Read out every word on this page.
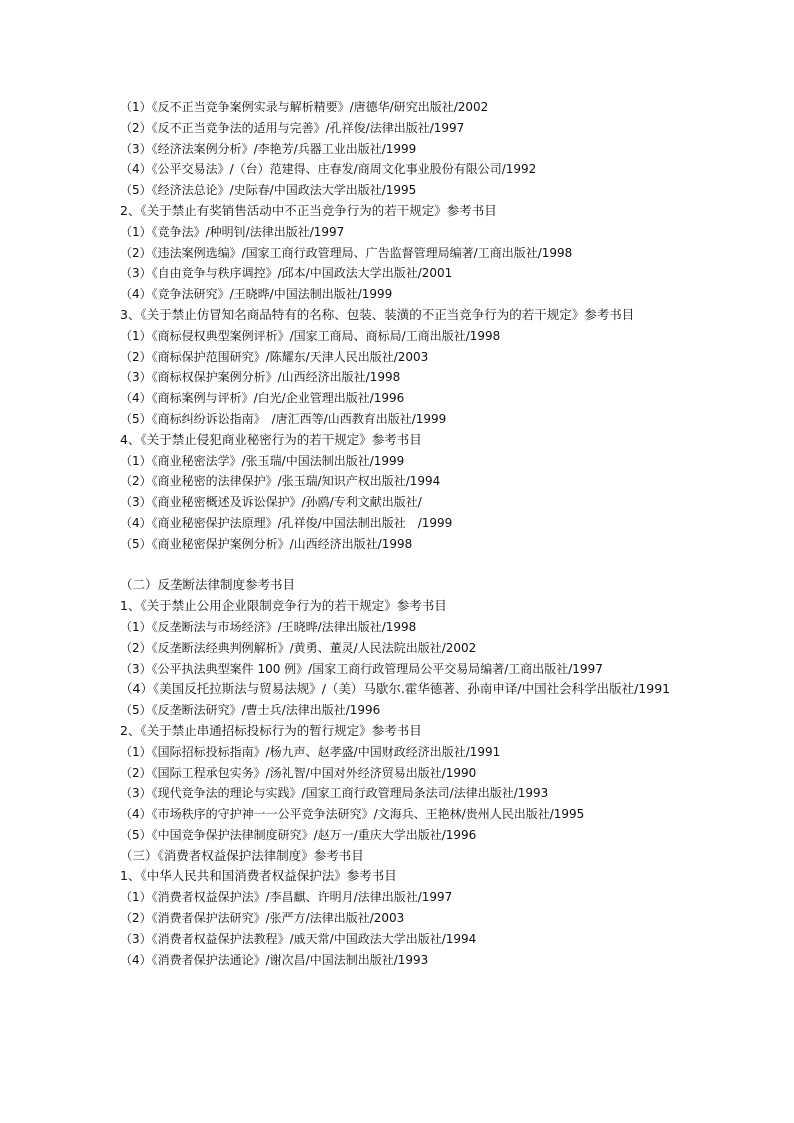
（1）《反不正当竞争案例实录与解析精要》/唐德华/研究出版社/2002
（2）《反不正当竞争法的适用与完善》/孔祥俊/法律出版社/1997
（3）《经济法案例分析》/李艳芳/兵器工业出版社/1999
（4）《公平交易法》/（台）范建得、庄春发/商周文化事业股份有限公司/1992
（5）《经济法总论》/史际春/中国政法大学出版社/1995
2、《关于禁止有奖销售活动中不正当竞争行为的若干规定》参考书目
（1）《竞争法》/种明钊/法律出版社/1997
（2）《违法案例选编》/国家工商行政管理局、广告监督管理局编著/工商出版社/1998
（3）《自由竞争与秩序调控》/邱本/中国政法大学出版社/2001
（4）《竞争法研究》/王晓晔/中国法制出版社/1999
3、《关于禁止仿冒知名商品特有的名称、包装、装潢的不正当竞争行为的若干规定》参考书目
（1）《商标侵权典型案例评析》/国家工商局、商标局/工商出版社/1998
（2）《商标保护范围研究》/陈耀东/天津人民出版社/2003
（3）《商标权保护案例分析》/山西经济出版社/1998
（4）《商标案例与评析》/白光/企业管理出版社/1996
（5）《商标纠纷诉讼指南》　/唐汇西等/山西教育出版社/1999
4、《关于禁止侵犯商业秘密行为的若干规定》参考书目
（1）《商业秘密法学》/张玉瑞/中国法制出版社/1999
（2）《商业秘密的法律保护》/张玉瑞/知识产权出版社/1994
（3）《商业秘密概述及诉讼保护》/孙鸥/专利文献出版社/
（4）《商业秘密保护法原理》/孔祥俊/中国法制出版社　/1999
（5）《商业秘密保护案例分析》/山西经济出版社/1998
（二）反垄断法律制度参考书目
1、《关于禁止公用企业限制竞争行为的若干规定》参考书目
（1）《反垄断法与市场经济》/王晓晔/法律出版社/1998
（2）《反垄断法经典判例解析》/黄勇、董灵/人民法院出版社/2002
（3）《公平执法典型案件 100 例》/国家工商行政管理局公平交易局编著/工商出版社/1997
（4）《美国反托拉斯法与贸易法规》/（美）马歇尔.霍华德著、孙南申译/中国社会科学出版社/1991
（5）《反垄断法研究》/曹士兵/法律出版社/1996
2、《关于禁止串通招标投标行为的暂行规定》参考书目
（1）《国际招标投标指南》/杨九声、赵孝盛/中国财政经济出版社/1991
（2）《国际工程承包实务》/汤礼智/中国对外经济贸易出版社/1990
（3）《现代竞争法的理论与实践》/国家工商行政管理局条法司/法律出版社/1993
（4）《市场秩序的守护神一一公平竞争法研究》/文海兵、王艳林/贵州人民出版社/1995
（5）《中国竞争保护法律制度研究》/赵万一/重庆大学出版社/1996
（三）《消费者权益保护法律制度》参考书目
1、《中华人民共和国消费者权益保护法》参考书目
（1）《消费者权益保护法》/李昌麒、许明月/法律出版社/1997
（2）《消费者保护法研究》/张严方/法律出版社/2003
（3）《消费者权益保护法教程》/戚天常/中国政法大学出版社/1994
（4）《消费者保护法通论》/谢次昌/中国法制出版社/1993
